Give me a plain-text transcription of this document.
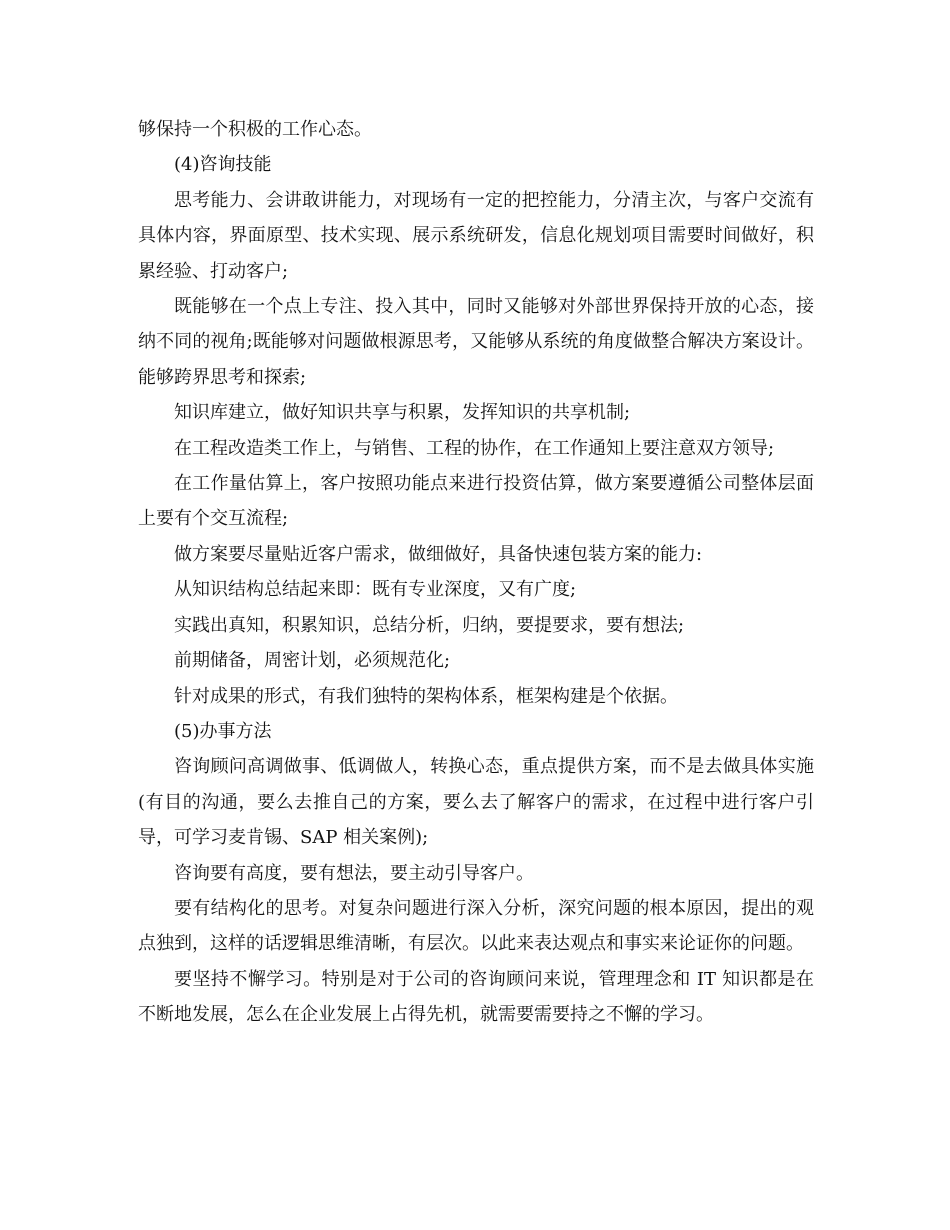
够保持一个积极的工作心态。

(4)咨询技能

思考能力、会讲敢讲能力，对现场有一定的把控能力，分清主次，与客户交流有具体内容，界面原型、技术实现、展示系统研发，信息化规划项目需要时间做好，积累经验、打动客户;

既能够在一个点上专注、投入其中，同时又能够对外部世界保持开放的心态，接纳不同的视角;既能够对问题做根源思考，又能够从系统的角度做整合解决方案设计。能够跨界思考和探索;

知识库建立，做好知识共享与积累，发挥知识的共享机制;

在工程改造类工作上，与销售、工程的协作，在工作通知上要注意双方领导;

在工作量估算上，客户按照功能点来进行投资估算，做方案要遵循公司整体层面上要有个交互流程;

做方案要尽量贴近客户需求，做细做好，具备快速包装方案的能力:

从知识结构总结起来即：既有专业深度，又有广度;

实践出真知，积累知识，总结分析，归纳，要提要求，要有想法;

前期储备，周密计划，必须规范化;

针对成果的形式，有我们独特的架构体系，框架构建是个依据。

(5)办事方法

咨询顾问高调做事、低调做人，转换心态，重点提供方案，而不是去做具体实施(有目的沟通，要么去推自己的方案，要么去了解客户的需求，在过程中进行客户引导，可学习麦肯锡、SAP 相关案例);

咨询要有高度，要有想法，要主动引导客户。

要有结构化的思考。对复杂问题进行深入分析，深究问题的根本原因，提出的观点独到，这样的话逻辑思维清晰，有层次。以此来表达观点和事实来论证你的问题。

要坚持不懈学习。特别是对于公司的咨询顾问来说，管理理念和 IT 知识都是在不断地发展，怎么在企业发展上占得先机，就需要需要持之不懈的学习。
